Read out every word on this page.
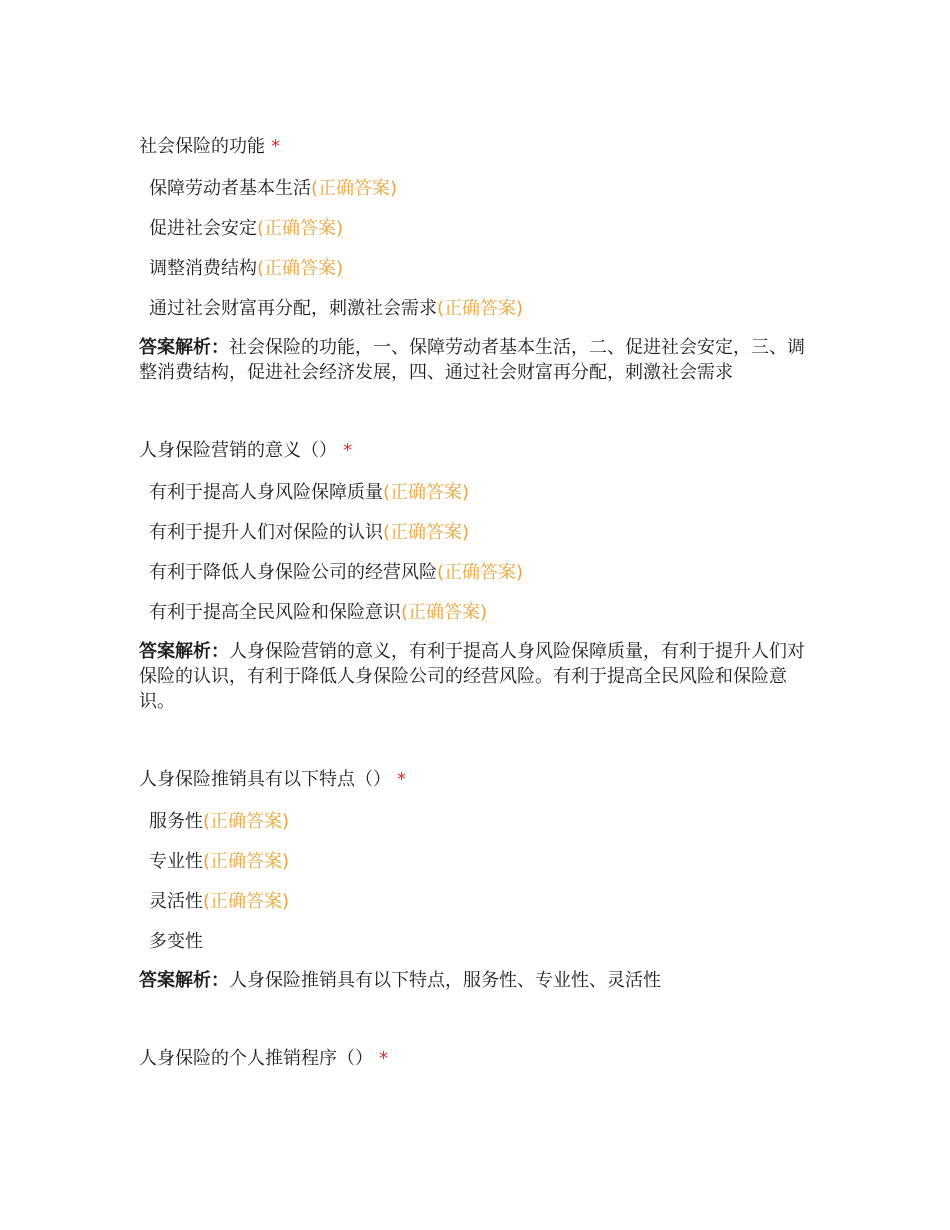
社会保险的功能 *
保障劳动者基本生活(正确答案)
促进社会安定(正确答案)
调整消费结构(正确答案)
通过社会财富再分配，刺激社会需求(正确答案)
答案解析：社会保险的功能，一、保障劳动者基本生活，二、促进社会安定，三、调整消费结构，促进社会经济发展，四、通过社会财富再分配，刺激社会需求
人身保险营销的意义（） *
有利于提高人身风险保障质量(正确答案)
有利于提升人们对保险的认识(正确答案)
有利于降低人身保险公司的经营风险(正确答案)
有利于提高全民风险和保险意识(正确答案)
答案解析：人身保险营销的意义，有利于提高人身风险保障质量，有利于提升人们对保险的认识，有利于降低人身保险公司的经营风险。有利于提高全民风险和保险意识。
人身保险推销具有以下特点（） *
服务性(正确答案)
专业性(正确答案)
灵活性(正确答案)
多变性
答案解析：人身保险推销具有以下特点，服务性、专业性、灵活性
人身保险的个人推销程序（） *
